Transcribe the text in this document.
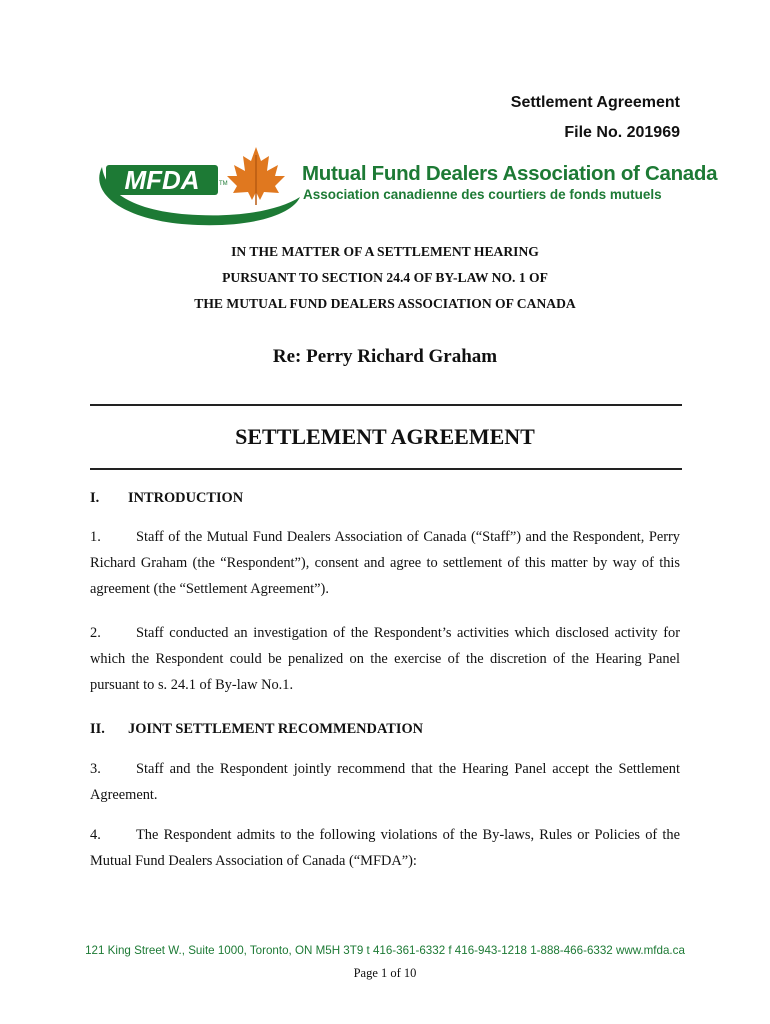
Settlement Agreement
File No. 201969
MFDA	TM	Mutual Fund Dealers Association of Canada
Association canadienne des courtiers de fonds mutuels
IN THE MATTER OF A SETTLEMENT HEARING
PURSUANT TO SECTION 24.4 OF BY-LAW NO. 1 OF
THE MUTUAL FUND DEALERS ASSOCIATION OF CANADA
Re: Perry Richard Graham
SETTLEMENT AGREEMENT
I. INTRODUCTION
1. Staff of the Mutual Fund Dealers Association of Canada (“Staff”) and the Respondent, Perry Richard Graham (the “Respondent”), consent and agree to settlement of this matter by way of this agreement (the “Settlement Agreement”).
2. Staff conducted an investigation of the Respondent’s activities which disclosed activity for which the Respondent could be penalized on the exercise of the discretion of the Hearing Panel pursuant to s. 24.1 of By-law No.1.
II. JOINT SETTLEMENT RECOMMENDATION
3. Staff and the Respondent jointly recommend that the Hearing Panel accept the Settlement Agreement.
4. The Respondent admits to the following violations of the By-laws, Rules or Policies of the Mutual Fund Dealers Association of Canada (“MFDA”):
121 King Street W., Suite 1000, Toronto, ON M5H 3T9 t 416-361-6332 f 416-943-1218 1-888-466-6332 www.mfda.ca
Page 1 of 10
